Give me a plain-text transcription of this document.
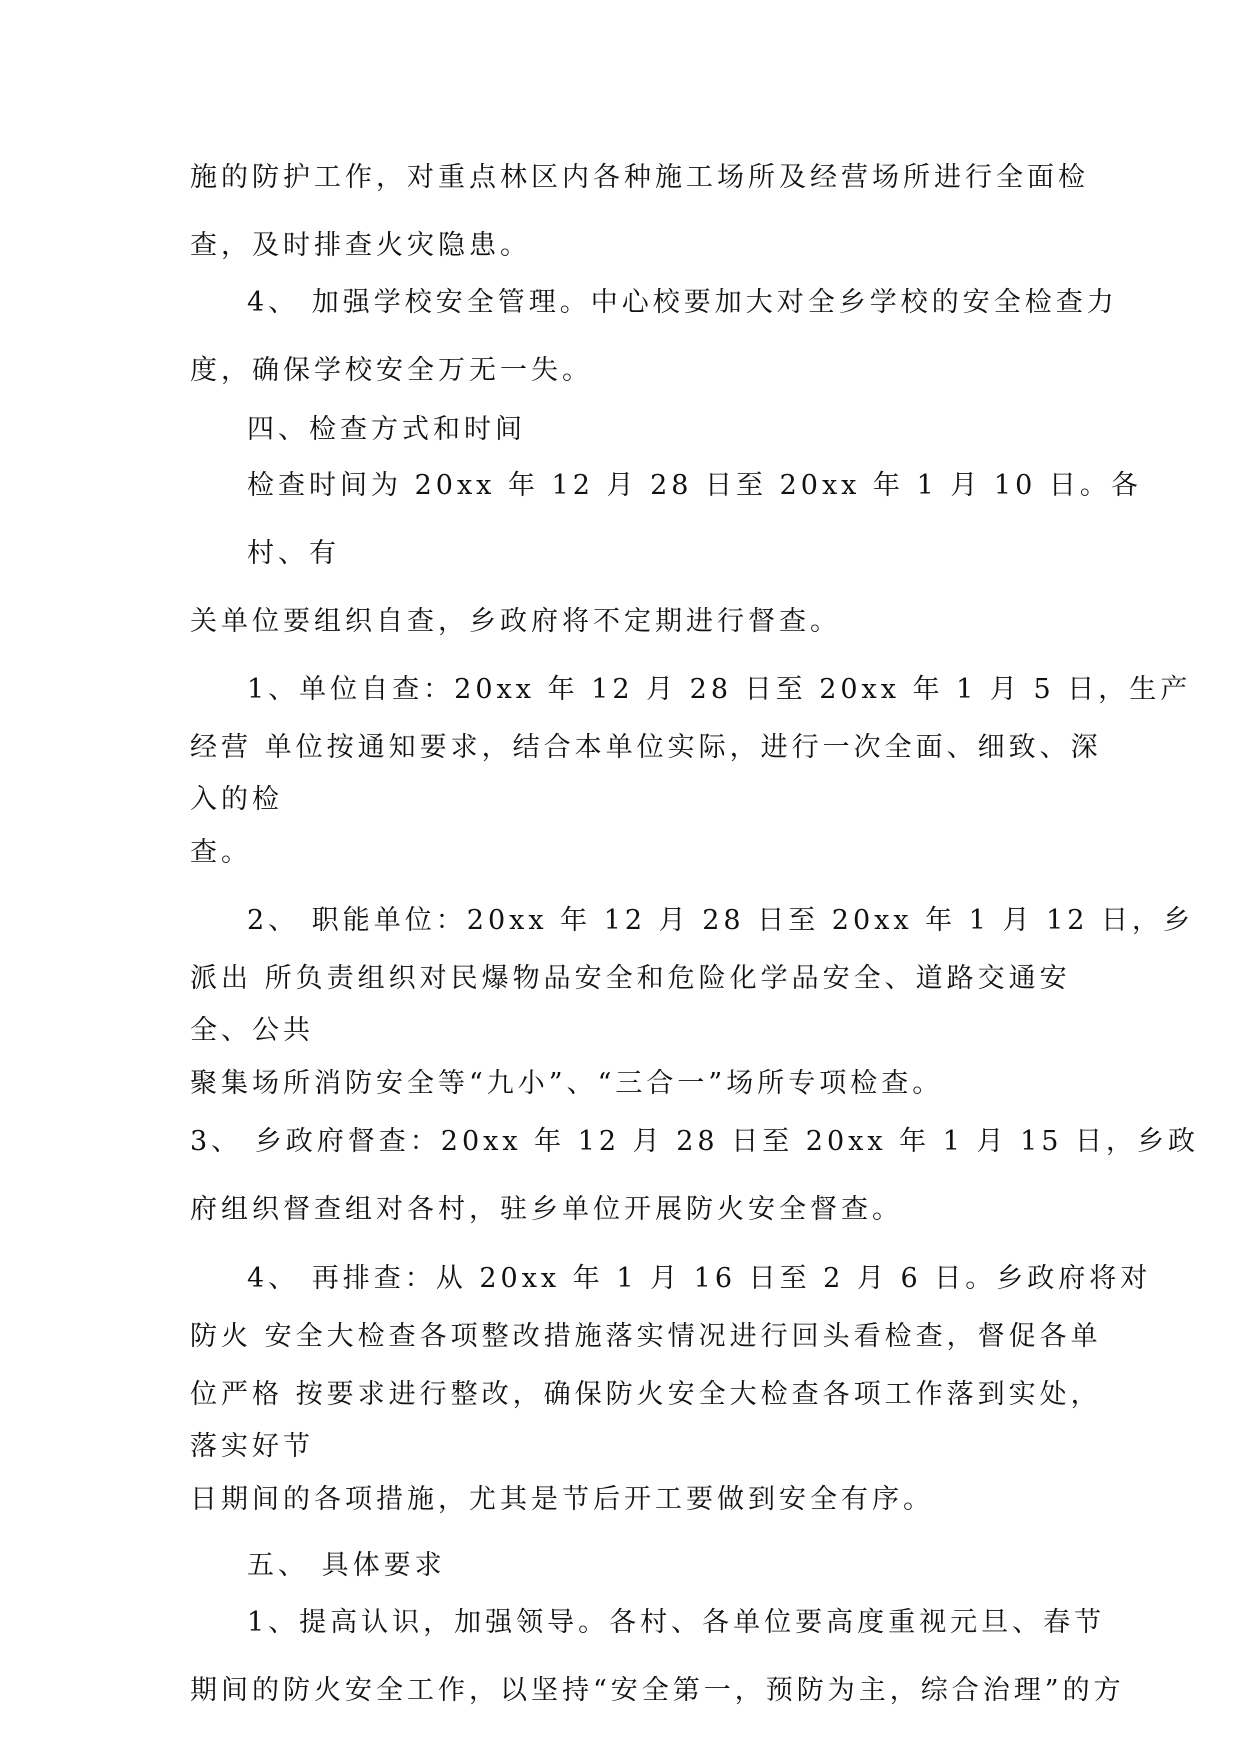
施的防护工作，对重点林区内各种施工场所及经营场所进行全面检

查，及时排查火灾隐患。

4、 加强学校安全管理。中心校要加大对全乡学校的安全检查力

度，确保学校安全万无一失。

四、检查方式和时间

检查时间为 20xx 年 12 月 28 日至 20xx 年 1 月 10 日。各

村、有

关单位要组织自查，乡政府将不定期进行督查。

1、单位自查：20xx 年 12 月 28 日至 20xx 年 1 月 5 日，生产

经营 单位按通知要求，结合本单位实际，进行一次全面、细致、深

入的检

查。

2、 职能单位：20xx 年 12 月 28 日至 20xx 年 1 月 12 日，乡

派出 所负责组织对民爆物品安全和危险化学品安全、道路交通安

全、公共

聚集场所消防安全等“九小”、“三合一”场所专项检查。

3、 乡政府督查：20xx 年 12 月 28 日至 20xx 年 1 月 15 日，乡政

府组织督查组对各村，驻乡单位开展防火安全督查。

4、 再排查：从 20xx 年 1 月 16 日至 2 月 6 日。乡政府将对

防火 安全大检查各项整改措施落实情况进行回头看检查，督促各单

位严格 按要求进行整改，确保防火安全大检查各项工作落到实处，

落实好节

日期间的各项措施，尤其是节后开工要做到安全有序。

五、 具体要求

1、提高认识，加强领导。各村、各单位要高度重视元旦、春节

期间的防火安全工作，以坚持“安全第一，预防为主，综合治理”的方
